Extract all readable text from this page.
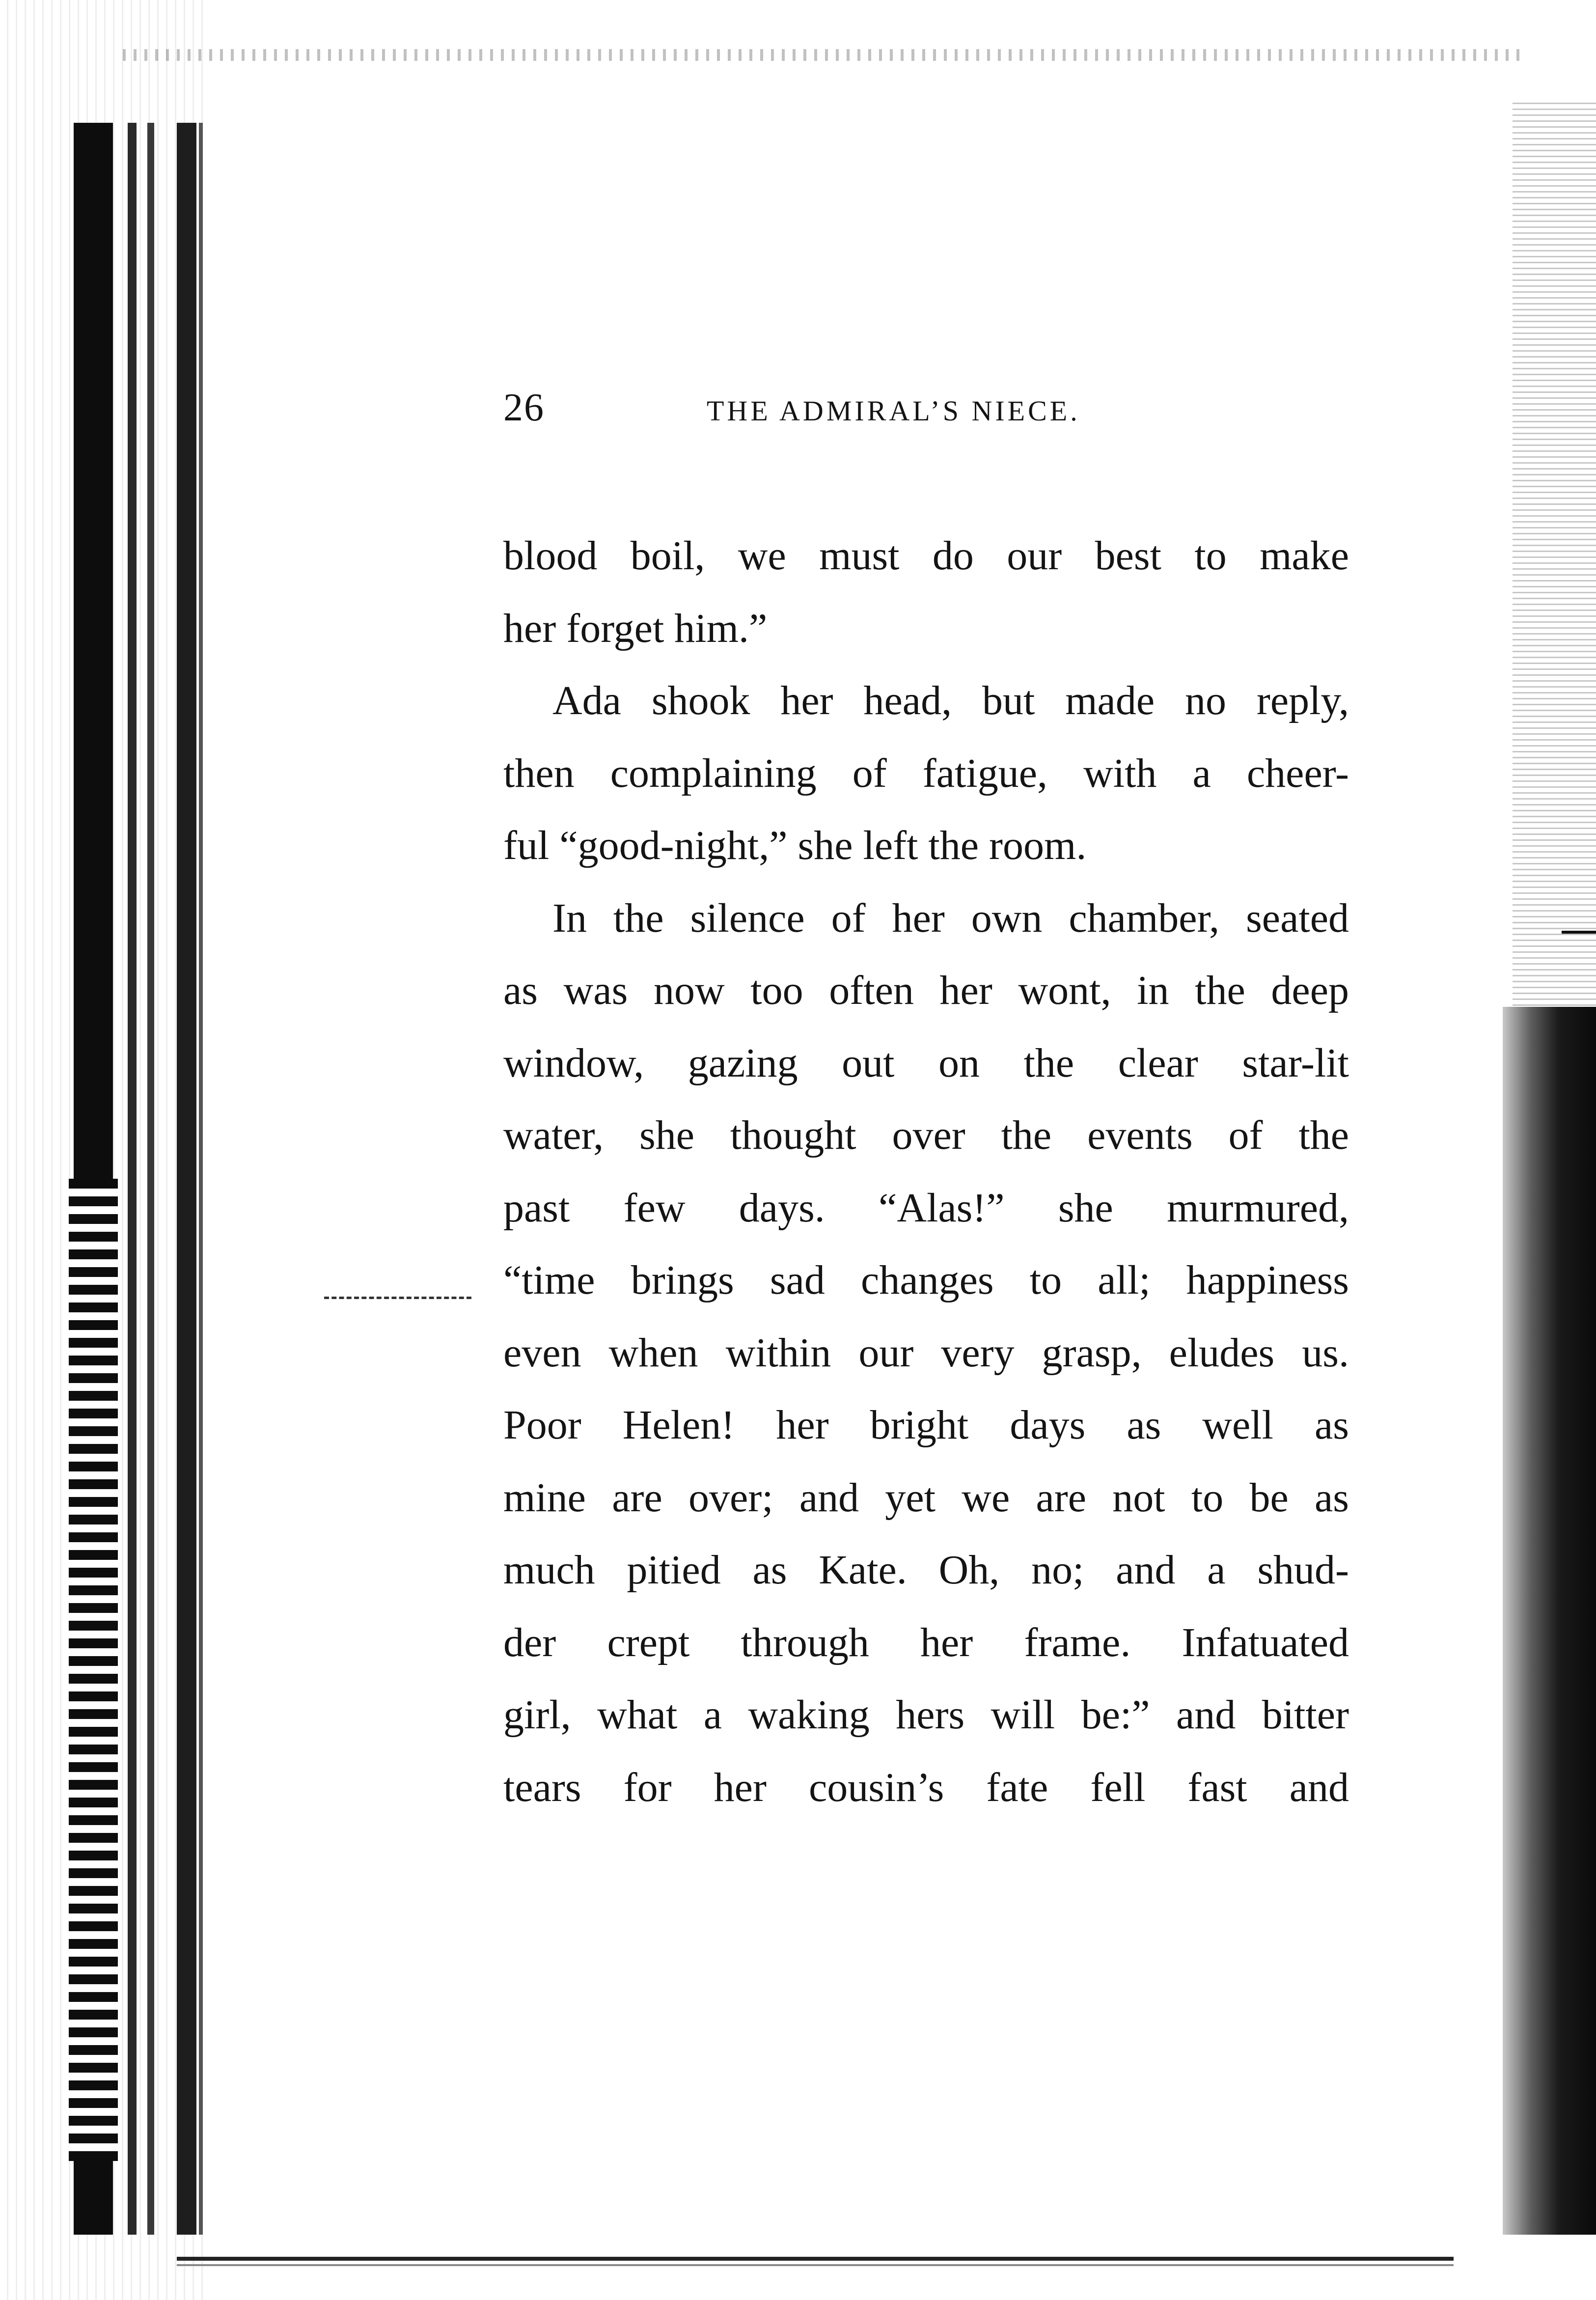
26	THE ADMIRAL’S NIECE.
blood boil, we must do our best to make
her forget him.”
Ada shook her head, but made no reply,
then complaining of fatigue, with a cheer-
ful “good-night,” she left the room.
In the silence of her own chamber, seated
as was now too often her wont, in the deep
window, gazing out on the clear star-lit
water, she thought over the events of the
past few days. “Alas!” she murmured,
“time brings sad changes to all; happiness
even when within our very grasp, eludes us.
Poor Helen! her bright days as well as
mine are over; and yet we are not to be as
much pitied as Kate. Oh, no; and a shud-
der crept through her frame. Infatuated
girl, what a waking hers will be:” and bitter
tears for her cousin’s fate fell fast and
